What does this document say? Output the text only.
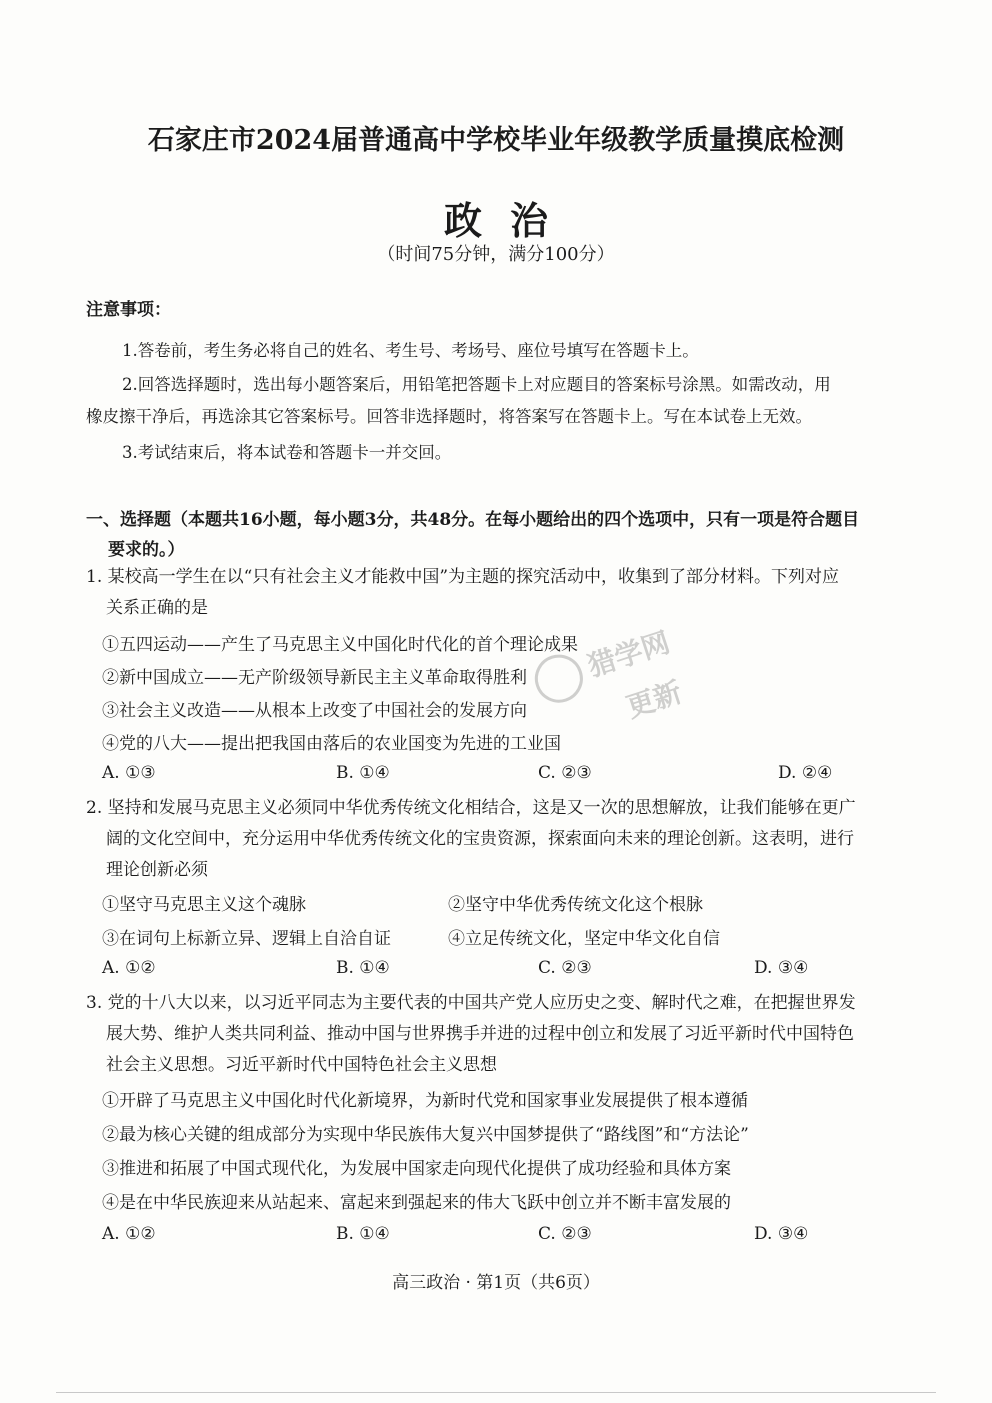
石家庄市2024届普通高中学校毕业年级教学质量摸底检测
政治
（时间75分钟，满分100分）
注意事项：
1.答卷前，考生务必将自己的姓名、考生号、考场号、座位号填写在答题卡上。
2.回答选择题时，选出每小题答案后，用铅笔把答题卡上对应题目的答案标号涂黑。如需改动，用
橡皮擦干净后，再选涂其它答案标号。回答非选择题时，将答案写在答题卡上。写在本试卷上无效。
3.考试结束后，将本试卷和答题卡一并交回。
一、选择题（本题共16小题，每小题3分，共48分。在每小题给出的四个选项中，只有一项是符合题目
要求的。）
1. 某校高一学生在以“只有社会主义才能救中国”为主题的探究活动中，收集到了部分材料。下列对应
关系正确的是
①五四运动——产生了马克思主义中国化时代化的首个理论成果
②新中国成立——无产阶级领导新民主主义革命取得胜利
③社会主义改造——从根本上改变了中国社会的发展方向
④党的八大——提出把我国由落后的农业国变为先进的工业国
A. ①③	B. ①④	C. ②③	D. ②④
2. 坚持和发展马克思主义必须同中华优秀传统文化相结合，这是又一次的思想解放，让我们能够在更广
阔的文化空间中，充分运用中华优秀传统文化的宝贵资源，探索面向未来的理论创新。这表明，进行
理论创新必须
①坚守马克思主义这个魂脉	②坚守中华优秀传统文化这个根脉
③在词句上标新立异、逻辑上自洽自证	④立足传统文化，坚定中华文化自信
A. ①②	B. ①④	C. ②③	D. ③④
3. 党的十八大以来，以习近平同志为主要代表的中国共产党人应历史之变、解时代之难，在把握世界发
展大势、维护人类共同利益、推动中国与世界携手并进的过程中创立和发展了习近平新时代中国特色
社会主义思想。习近平新时代中国特色社会主义思想
①开辟了马克思主义中国化时代化新境界，为新时代党和国家事业发展提供了根本遵循
②最为核心关键的组成部分为实现中华民族伟大复兴中国梦提供了“路线图”和“方法论”
③推进和拓展了中国式现代化，为发展中国家走向现代化提供了成功经验和具体方案
④是在中华民族迎来从站起来、富起来到强起来的伟大飞跃中创立并不断丰富发展的
A. ①②	B. ①④	C. ②③	D. ③④
猎学网
更新
高三政治 · 第1页（共6页）
